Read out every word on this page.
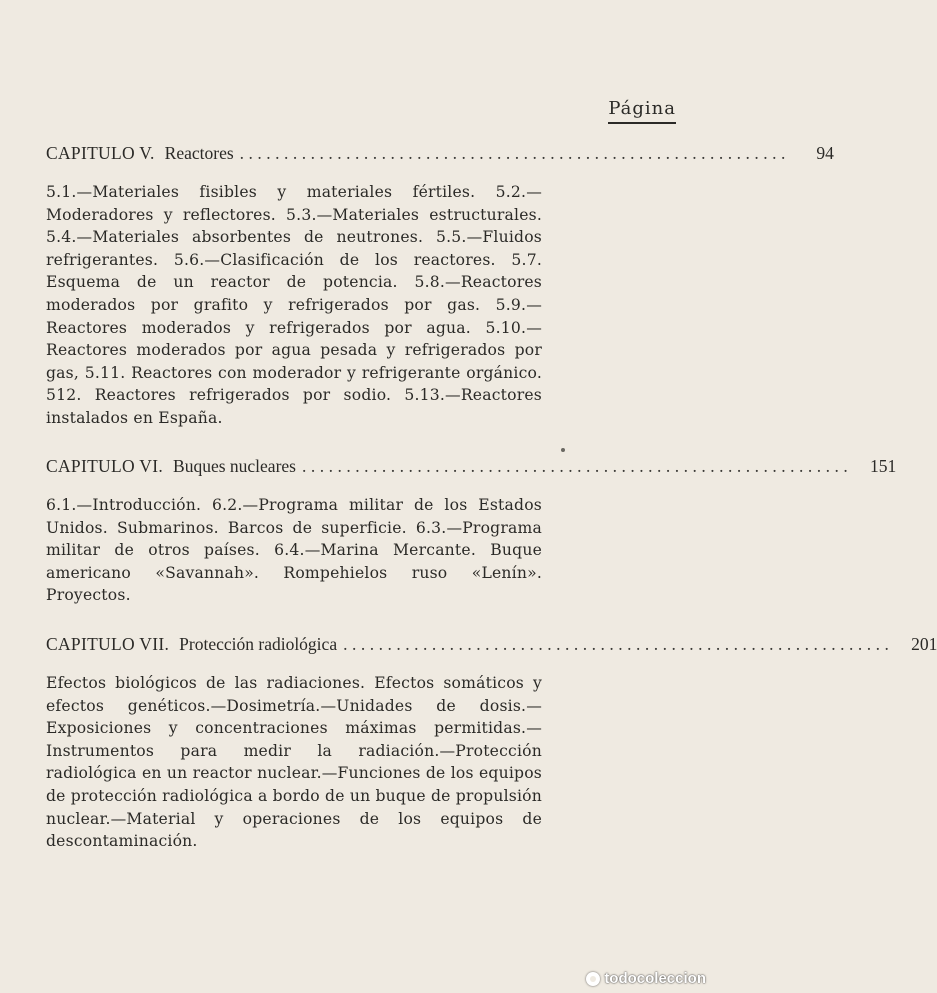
Página
CAPITULO V. Reactores ..............................................................	94

5.1.—Materiales fisibles y materiales fértiles. 5.2.—Moderadores y reflectores. 5.3.—Materiales estructurales. 5.4.—Materiales absorbentes de neutrones. 5.5.—Fluidos refrigerantes. 5.6.—Clasificación de los reactores. 5.7. Esquema de un reactor de potencia. 5.8.—Reactores moderados por grafito y refrigerados por gas. 5.9.—Reactores moderados y refrigerados por agua. 5.10.—Reactores moderados por agua pesada y refrigerados por gas, 5.11. Reactores con moderador y refrigerante orgánico. 512. Reactores refrigerados por sodio. 5.13.—Reactores instalados en España.

CAPITULO VI. Buques nucleares ..............................................................	151

6.1.—Introducción. 6.2.—Programa militar de los Estados Unidos. Submarinos. Barcos de superficie. 6.3.—Programa militar de otros países. 6.4.—Marina Mercante. Buque americano «Savannah». Rompehielos ruso «Lenín». Proyectos.

CAPITULO VII. Protección radiológica ..............................................................	201

Efectos biológicos de las radiaciones. Efectos somáticos y efectos genéticos.—Dosimetría.—Unidades de dosis.—Exposiciones y concentraciones máximas permitidas.—Instrumentos para medir la radiación.—Protección radiológica en un reactor nuclear.—Funciones de los equipos de protección radiológica a bordo de un buque de propulsión nuclear.—Material y operaciones de los equipos de descontaminación.

todocoleccion
